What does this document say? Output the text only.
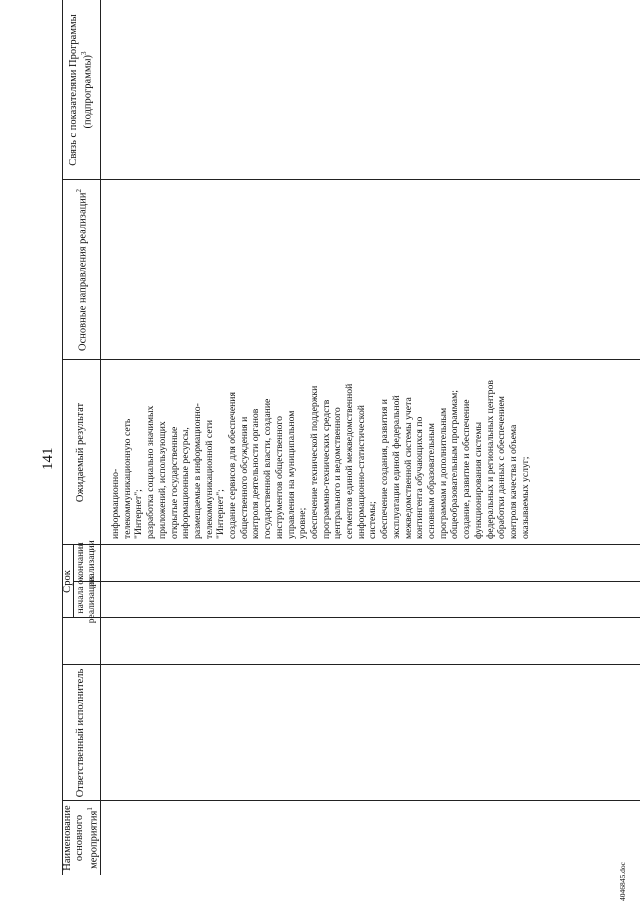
141
Наименование основного мероприятия$^1$
Ответственный исполнитель
Срок
начала реализации
окончания реализации
Ожидаемый результат
Основные направления реализации$^2$
Связь с показателями Программы (подпрограммы)$^3$
информационно-
телекоммуникационную сеть
"Интернет";
разработка социально значимых
приложений, использующих
открытые государственные
информационные ресурсы,
размещаемые в информационно-
телекоммуникационной сети
"Интернет";
создание сервисов для обеспечения
общественного обсуждения и
контроля деятельности органов
государственной власти, создание
инструментов общественного
управления на муниципальном
уровне;
обеспечение технической поддержки
программно-технических средств
центрального и ведомственного
сегментов единой межведомственной
информационно-статистической
системы;
обеспечение создания, развития и
эксплуатации единой федеральной
межведомственной системы учета
контингента обучающихся по
основным образовательным
программам и дополнительным
общеобразовательным программам;
создание, развитие и обеспечение
функционирования системы
федеральных и региональных центров
обработки данных с обеспечением
контроля качества и объема
оказываемых услуг;
4046845.doc
